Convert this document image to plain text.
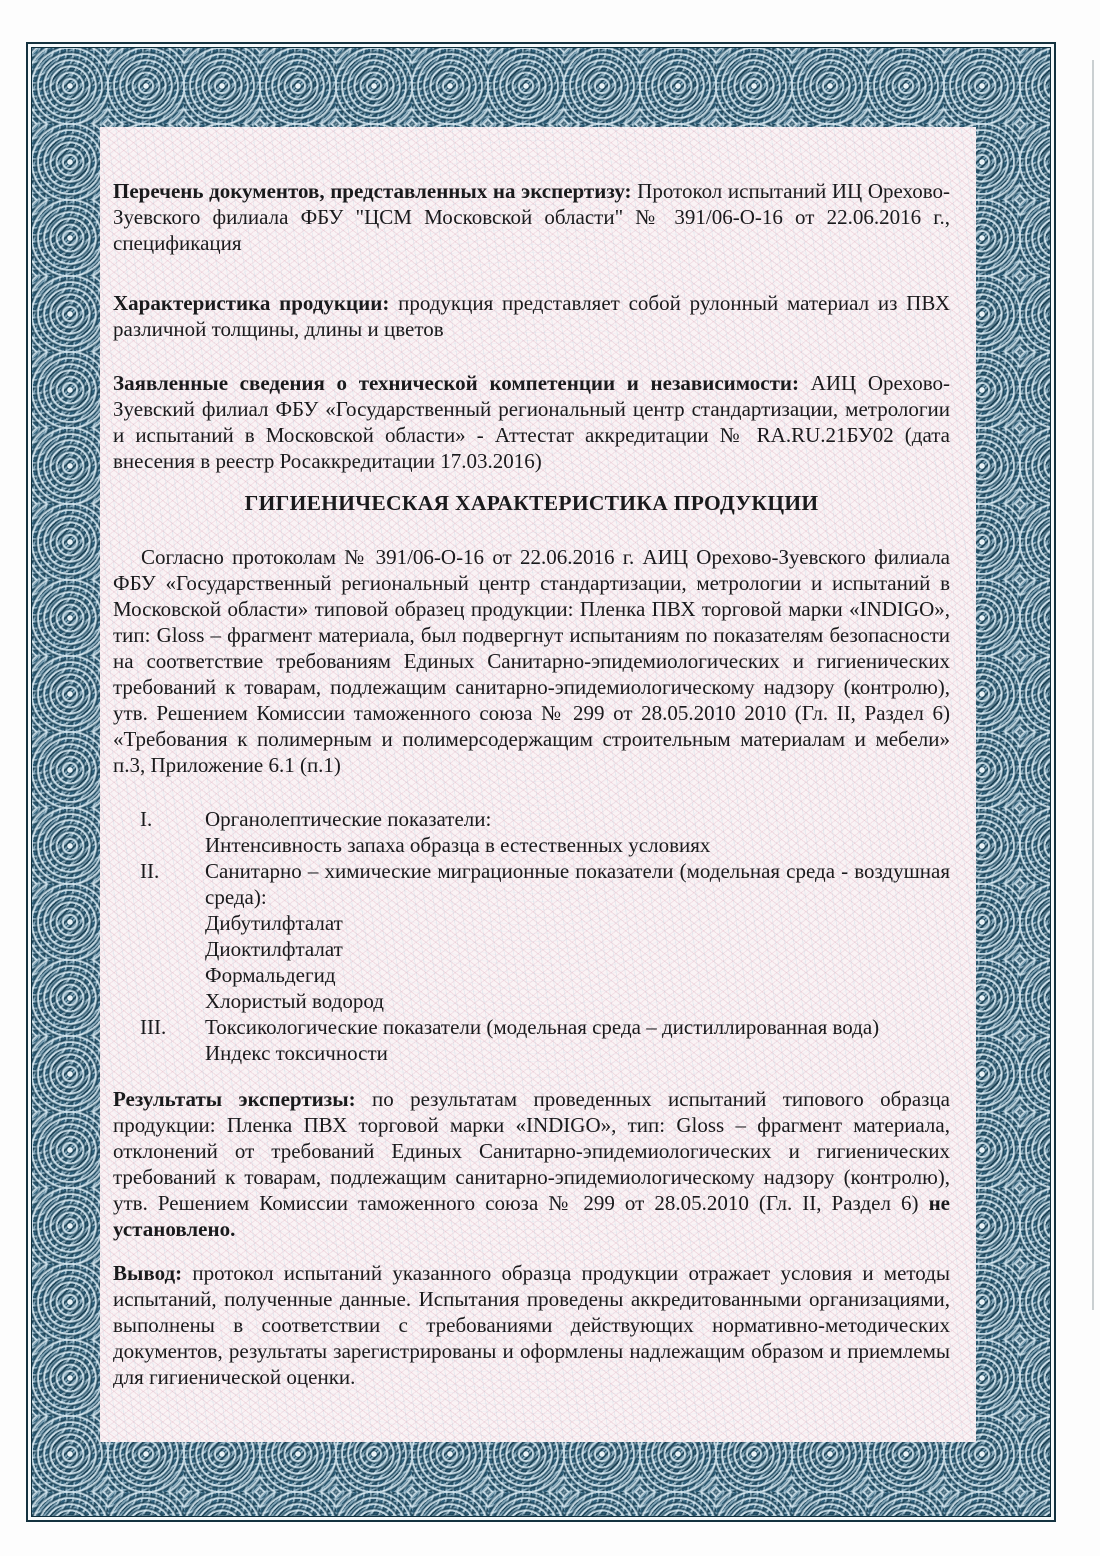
Перечень документов, представленных на экспертизу: Протокол испытаний ИЦ Орехово-Зуевского филиала ФБУ "ЦСМ Московской области" № 391/06-О-16 от 22.06.2016 г., спецификация

Характеристика продукции: продукция представляет собой рулонный материал из ПВХ различной толщины, длины и цветов

Заявленные сведения о технической компетенции и независимости: АИЦ Орехово-Зуевский филиал ФБУ «Государственный региональный центр стандартизации, метрологии и испытаний в Московской области» - Аттестат аккредитации № RA.RU.21БУ02 (дата внесения в реестр Росаккредитации 17.03.2016)

ГИГИЕНИЧЕСКАЯ ХАРАКТЕРИСТИКА ПРОДУКЦИИ

Согласно протоколам № 391/06-О-16 от 22.06.2016 г. АИЦ Орехово-Зуевского филиала ФБУ «Государственный региональный центр стандартизации, метрологии и испытаний в Московской области» типовой образец продукции: Пленка ПВХ торговой марки «INDIGO», тип: Gloss – фрагмент материала, был подвергнут испытаниям по показателям безопасности на соответствие требованиям Единых Санитарно-эпидемиологических и гигиенических требований к товарам, подлежащим санитарно-эпидемиологическому надзору (контролю), утв. Решением Комиссии таможенного союза № 299 от 28.05.2010 2010 (Гл. II, Раздел 6) «Требования к полимерным и полимерсодержащим строительным материалам и мебели» п.3, Приложение 6.1 (п.1)

I.	Органолептические показатели:
Интенсивность запаха образца в естественных условиях
II. Санитарно – химические миграционные показатели (модельная среда - воздушная среда):
Дибутилфталат
Диоктилфталат
Формальдегид
Хлористый водород
III. Токсикологические показатели (модельная среда – дистиллированная вода)
Индекс токсичности

Результаты экспертизы: по результатам проведенных испытаний типового образца продукции: Пленка ПВХ торговой марки «INDIGO», тип: Gloss – фрагмент материала, отклонений от требований Единых Санитарно-эпидемиологических и гигиенических требований к товарам, подлежащим санитарно-эпидемиологическому надзору (контролю), утв. Решением Комиссии таможенного союза № 299 от 28.05.2010 (Гл. II, Раздел 6) не установлено.

Вывод: протокол испытаний указанного образца продукции отражает условия и методы испытаний, полученные данные. Испытания проведены аккредитованными организациями, выполнены в соответствии с требованиями действующих нормативно-методических документов, результаты зарегистрированы и оформлены надлежащим образом и приемлемы для гигиенической оценки.
